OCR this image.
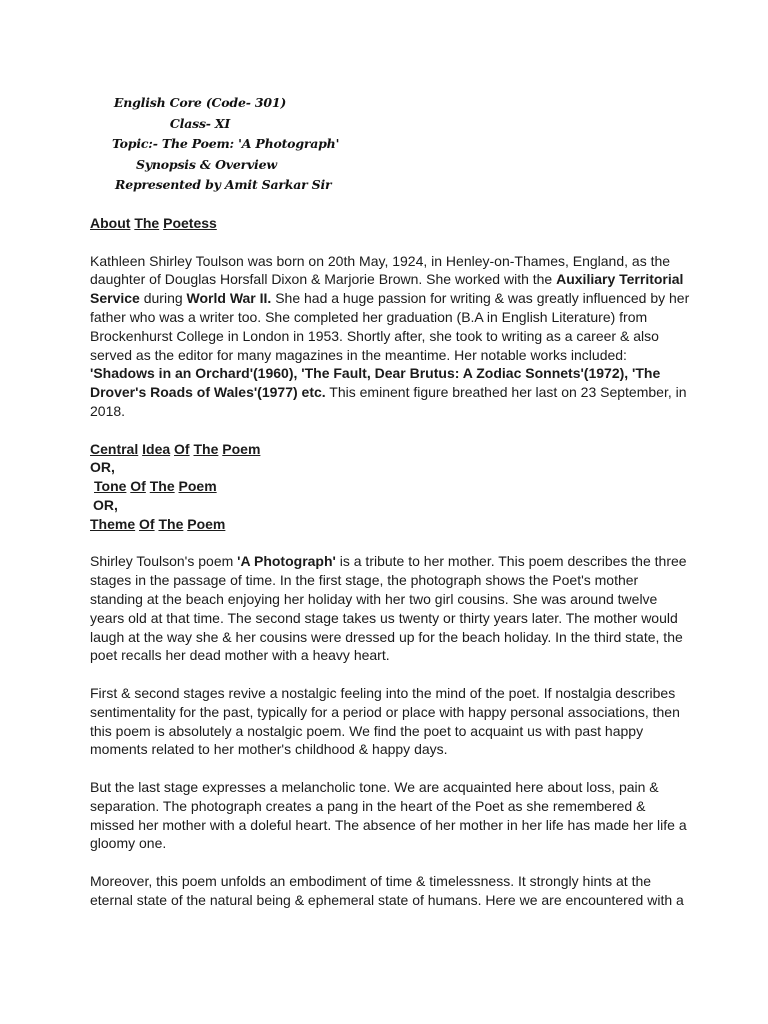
English Core (Code- 301)
Class- XI
Topic:- The Poem: 'A Photograph'
Synopsis & Overview
Represented by Amit Sarkar Sir
About The Poetess

Kathleen Shirley Toulson was born on 20th May, 1924, in Henley-on-Thames, England, as the daughter of Douglas Horsfall Dixon & Marjorie Brown. She worked with the Auxiliary Territorial Service during World War II. She had a huge passion for writing & was greatly influenced by her father who was a writer too. She completed her graduation (B.A in English Literature) from Brockenhurst College in London in 1953. Shortly after, she took to writing as a career & also served as the editor for many magazines in the meantime. Her notable works included: 'Shadows in an Orchard'(1960), 'The Fault, Dear Brutus: A Zodiac Sonnets'(1972), 'The Drover's Roads of Wales'(1977) etc. This eminent figure breathed her last on 23 September, in 2018.

Central Idea Of The Poem
OR,
Tone Of The Poem
OR,
Theme Of The Poem

Shirley Toulson's poem 'A Photograph' is a tribute to her mother. This poem describes the three stages in the passage of time. In the first stage, the photograph shows the Poet's mother standing at the beach enjoying her holiday with her two girl cousins. She was around twelve years old at that time. The second stage takes us twenty or thirty years later. The mother would laugh at the way she & her cousins were dressed up for the beach holiday. In the third state, the poet recalls her dead mother with a heavy heart.

First & second stages revive a nostalgic feeling into the mind of the poet. If nostalgia describes sentimentality for the past, typically for a period or place with happy personal associations, then this poem is absolutely a nostalgic poem. We find the poet to acquaint us with past happy moments related to her mother's childhood & happy days.

But the last stage expresses a melancholic tone. We are acquainted here about loss, pain & separation. The photograph creates a pang in the heart of the Poet as she remembered & missed her mother with a doleful heart. The absence of her mother in her life has made her life a gloomy one.

Moreover, this poem unfolds an embodiment of time & timelessness. It strongly hints at the eternal state of the natural being & ephemeral state of humans. Here we are encountered with a
